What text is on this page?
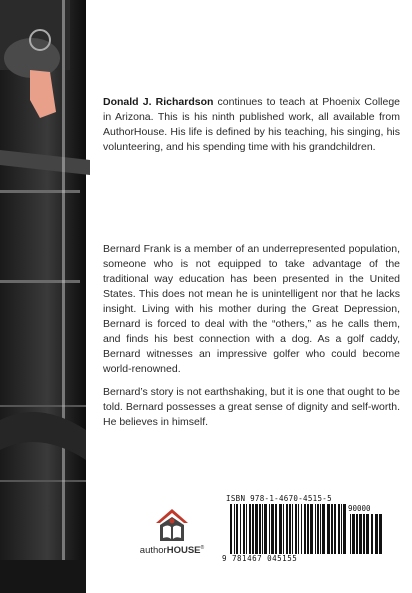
Donald J. Richardson continues to teach at Phoenix College in Arizona. This is his ninth published work, all available from AuthorHouse. His life is defined by his teaching, his singing, his volunteering, and his spending time with his grandchildren.

Bernard Frank is a member of an underrepresented population, someone who is not equipped to take advantage of the traditional way education has been presented in the United States. This does not mean he is unintelligent nor that he lacks insight. Living with his mother during the Great Depression, Bernard is forced to deal with the “others,” as he calls them, and finds his best connection with a dog. As a golf caddy, Bernard witnesses an impressive golfer who could become world-renowned.

Bernard’s story is not earthshaking, but it is one that ought to be told. Bernard possesses a great sense of dignity and self-worth. He believes in himself.

authorHOUSE®
ISBN 978-1-4670-4515-5
90000
9 781467 045155
